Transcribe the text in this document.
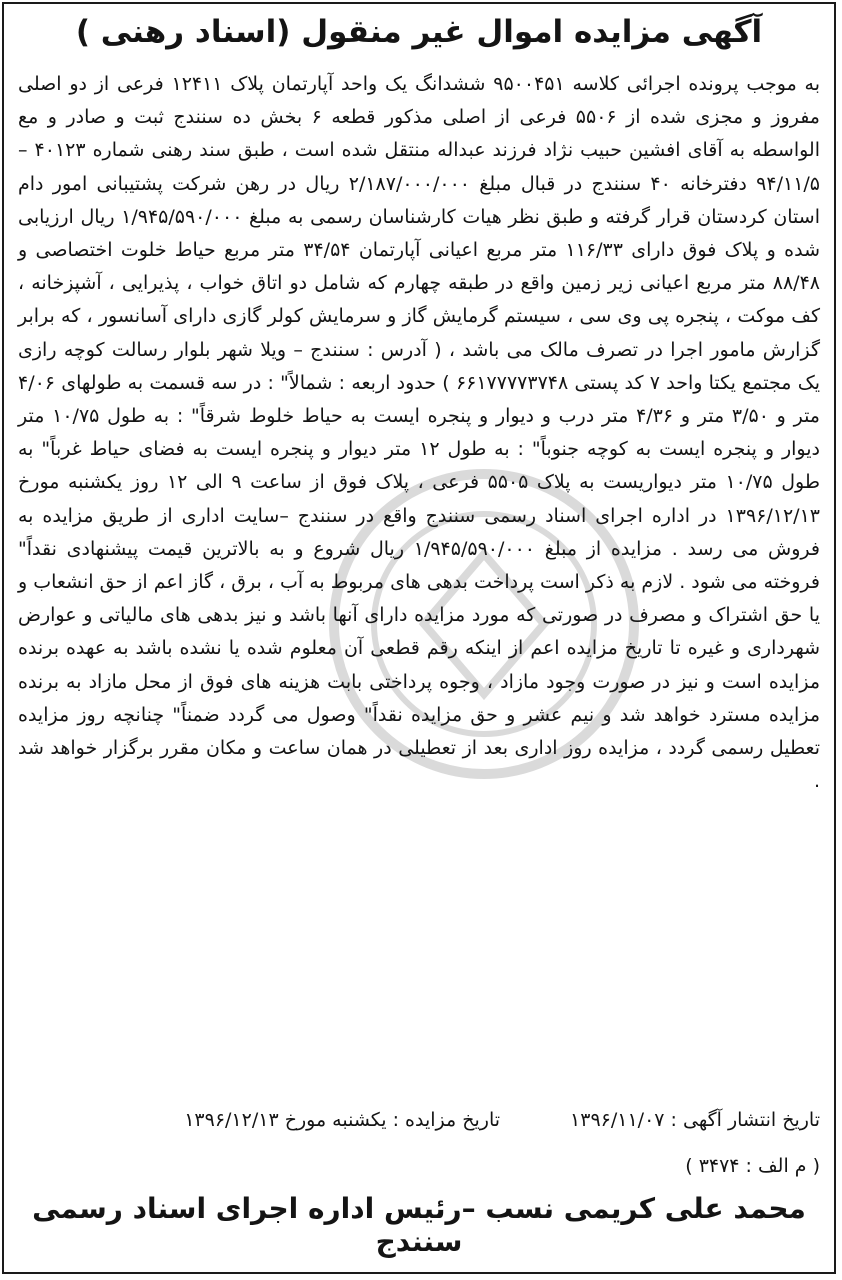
آگهی مزایده اموال غیر منقول (اسناد رهنی )

به موجب پرونده اجرائی کلاسه ۹۵۰۰۴۵۱ ششدانگ یک واحد آپارتمان پلاک ۱۲۴۱۱ فرعی از دو اصلی مفروز و مجزی شده از ۵۵۰۶ فرعی از اصلی مذکور قطعه ۶ بخش ده سنندج ثبت و صادر و مع الواسطه به آقای افشین حبیب نژاد فرزند عبداله منتقل شده است ، طبق سند رهنی شماره ۴۰۱۲۳ – ۹۴/۱۱/۵ دفترخانه ۴۰ سنندج در قبال مبلغ ۲/۱۸۷/۰۰۰/۰۰۰ ریال در رهن شرکت پشتیبانی امور دام استان کردستان قرار گرفته و طبق نظر هیات کارشناسان رسمی به مبلغ ۱/۹۴۵/۵۹۰/۰۰۰ ریال ارزیابی شده و پلاک فوق دارای ۱۱۶/۳۳ متر مربع اعیانی آپارتمان ۳۴/۵۴ متر مربع حیاط خلوت اختصاصی و ۸۸/۴۸ متر مربع اعیانی زیر زمین واقع در طبقه چهارم که شامل دو اتاق خواب ، پذیرایی ، آشپزخانه ، کف موکت ، پنجره پی وی سی ، سیستم گرمایش گاز و سرمایش کولر گازی دارای آسانسور ، که برابر گزارش مامور اجرا در تصرف مالک می باشد ، ( آدرس : سنندج – ویلا شهر بلوار رسالت کوچه رازی یک مجتمع یکتا واحد ۷ کد پستی ۶۶۱۷۷۷۷۳۷۴۸ ) حدود اربعه : شمالاً" : در سه قسمت به طولهای ۴/۰۶ متر و ۳/۵۰ متر و ۴/۳۶ متر درب و دیوار و پنجره ایست به حیاط خلوط شرقاً" : به طول ۱۰/۷۵ متر دیوار و پنجره ایست به کوچه جنوباً" : به طول ۱۲ متر دیوار و پنجره ایست به فضای حیاط غرباً" به طول ۱۰/۷۵ متر دیواریست به پلاک ۵۵۰۵ فرعی ، پلاک فوق از ساعت ۹ الی ۱۲ روز یکشنبه مورخ ۱۳۹۶/۱۲/۱۳ در اداره اجرای اسناد رسمی سنندج واقع در سنندج –سایت اداری از طریق مزایده به فروش می رسد . مزایده از مبلغ ۱/۹۴۵/۵۹۰/۰۰۰ ریال شروع و به بالاترین قیمت پیشنهادی نقداً" فروخته می شود . لازم به ذکر است پرداخت بدهی های مربوط به آب ، برق ، گاز اعم از حق انشعاب و یا حق اشتراک و مصرف در صورتی که مورد مزایده دارای آنها باشد و نیز بدهی های مالیاتی و عوارض شهرداری و غیره تا تاریخ مزایده اعم از اینکه رقم قطعی آن معلوم شده یا نشده باشد به عهده برنده مزایده است و نیز در صورت وجود مازاد ، وجوه پرداختی بابت هزینه های فوق از محل مازاد به برنده مزایده مسترد خواهد شد و نیم عشر و حق مزایده نقداً" وصول می گردد ضمناً" چنانچه روز مزایده تعطیل رسمی گردد ، مزایده روز اداری بعد از تعطیلی در همان ساعت و مکان مقرر برگزار خواهد شد .

تاریخ انتشار آگهی : ۱۳۹۶/۱۱/۰۷
تاریخ مزایده : یکشنبه مورخ ۱۳۹۶/۱۲/۱۳
( م الف : ۳۴۷۴ )
محمد علی کریمی نسب –رئیس اداره اجرای اسناد رسمی سنندج
